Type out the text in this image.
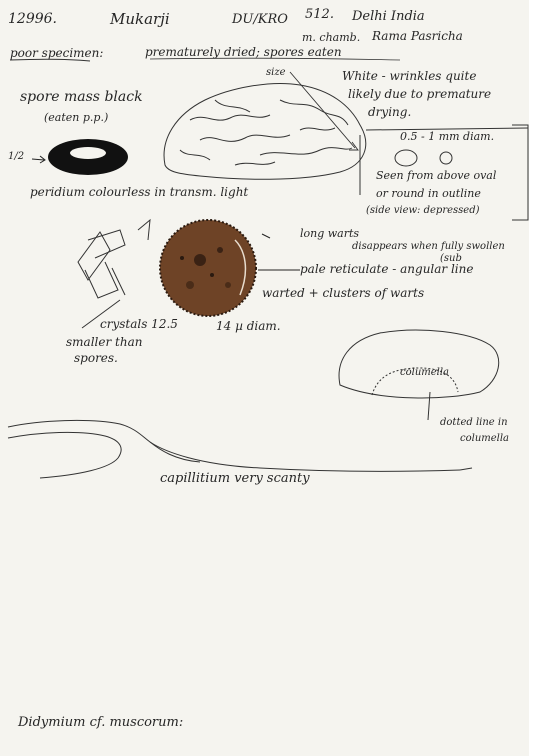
12996.	Mukarji	DU/KRO 512. Delhi India
m. chamb. Rama Pasricha
poor specimen:	prematurely dried; spores eaten
spore mass black
(eaten p.p.)
1/2
peridium colourless in transm. light
size	White - wrinkles quite
likely due to premature
drying.
0.5 - 1 mm diam.
Seen from above oval
or round in outline
(side view: depressed)
long warts
disappears when fully swollen
(sub
pale reticulate - angular line
warted + clusters of warts
crystals 12.5	14 µ diam.
smaller than
spores.
columella
dotted line in
columella
capillitium very scanty
Didymium cf. muscorum:
